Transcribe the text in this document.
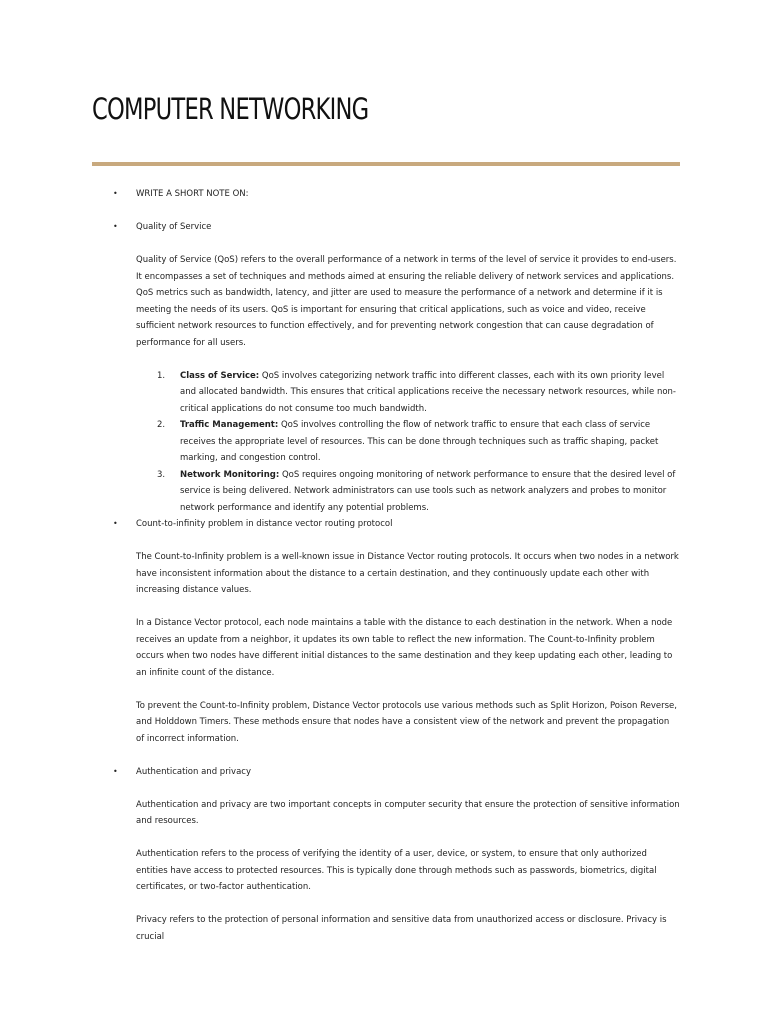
COMPUTER NETWORKING

• WRITE A SHORT NOTE ON:

• Quality of Service

Quality of Service (QoS) refers to the overall performance of a network in terms of the level of service it provides to end-users. It encompasses a set of techniques and methods aimed at ensuring the reliable delivery of network services and applications. QoS metrics such as bandwidth, latency, and jitter are used to measure the performance of a network and determine if it is meeting the needs of its users. QoS is important for ensuring that critical applications, such as voice and video, receive sufficient network resources to function effectively, and for preventing network congestion that can cause degradation of performance for all users.

1. Class of Service: QoS involves categorizing network traffic into different classes, each with its own priority level and allocated bandwidth. This ensures that critical applications receive the necessary network resources, while non-critical applications do not consume too much bandwidth.
2. Traffic Management: QoS involves controlling the flow of network traffic to ensure that each class of service receives the appropriate level of resources. This can be done through techniques such as traffic shaping, packet marking, and congestion control.
3. Network Monitoring: QoS requires ongoing monitoring of network performance to ensure that the desired level of service is being delivered. Network administrators can use tools such as network analyzers and probes to monitor network performance and identify any potential problems.

• Count-to-infinity problem in distance vector routing protocol

The Count-to-Infinity problem is a well-known issue in Distance Vector routing protocols. It occurs when two nodes in a network have inconsistent information about the distance to a certain destination, and they continuously update each other with increasing distance values.

In a Distance Vector protocol, each node maintains a table with the distance to each destination in the network. When a node receives an update from a neighbor, it updates its own table to reflect the new information. The Count-to-Infinity problem occurs when two nodes have different initial distances to the same destination and they keep updating each other, leading to an infinite count of the distance.

To prevent the Count-to-Infinity problem, Distance Vector protocols use various methods such as Split Horizon, Poison Reverse, and Holddown Timers. These methods ensure that nodes have a consistent view of the network and prevent the propagation of incorrect information.

• Authentication and privacy

Authentication and privacy are two important concepts in computer security that ensure the protection of sensitive information and resources.

Authentication refers to the process of verifying the identity of a user, device, or system, to ensure that only authorized entities have access to protected resources. This is typically done through methods such as passwords, biometrics, digital certificates, or two-factor authentication.

Privacy refers to the protection of personal information and sensitive data from unauthorized access or disclosure. Privacy is crucial
